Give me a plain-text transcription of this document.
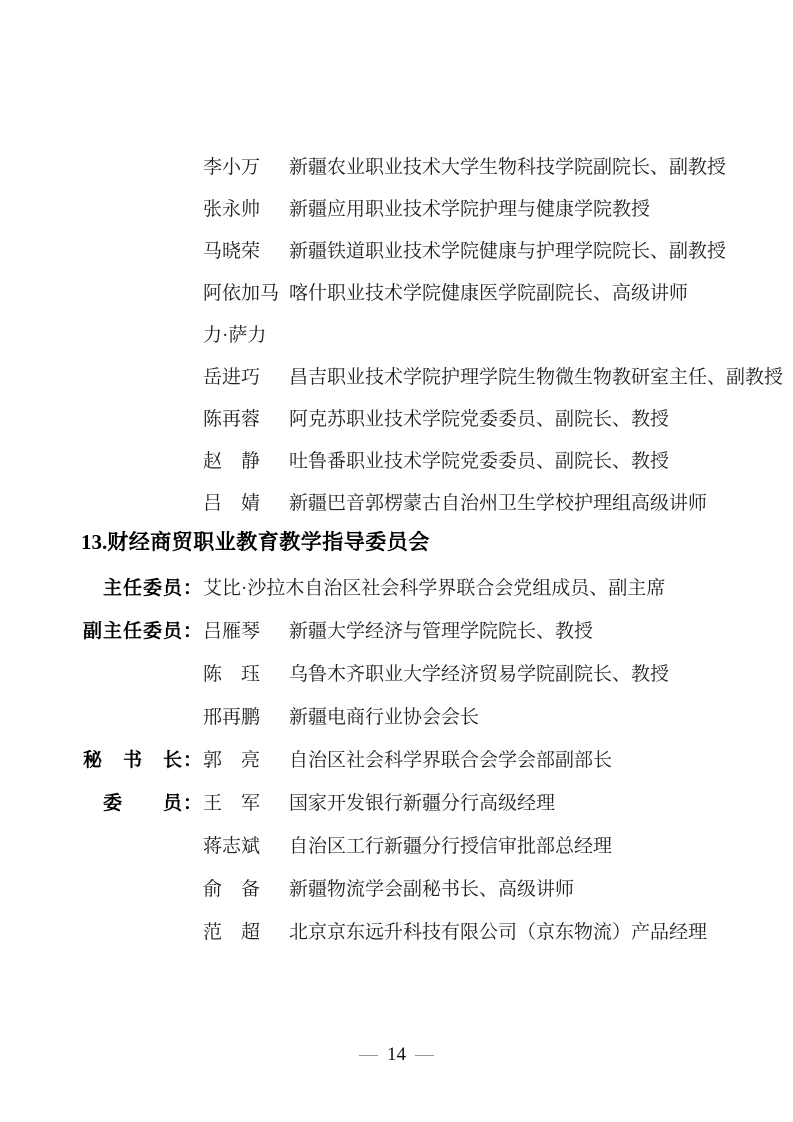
李小万	新疆农业职业技术大学生物科技学院副院长、副教授
张永帅	新疆应用职业技术学院护理与健康学院教授
马晓荣	新疆铁道职业技术学院健康与护理学院院长、副教授
阿依加马 喀什职业技术学院健康医学院副院长、高级讲师
力·萨力
岳进巧	昌吉职业技术学院护理学院生物微生物教研室主任、副教授
陈再蓉	阿克苏职业技术学院党委委员、副院长、教授
赵　静	吐鲁番职业技术学院党委委员、副院长、教授
吕　婧	新疆巴音郭楞蒙古自治州卫生学校护理组高级讲师
13.财经商贸职业教育教学指导委员会
主任委员： 艾比·沙拉木 自治区社会科学界联合会党组成员、副主席
副主任委员： 吕雁琴	新疆大学经济与管理学院院长、教授
陈　珏	乌鲁木齐职业大学经济贸易学院副院长、教授
邢再鹏	新疆电商行业协会会长
秘　书　长： 郭　亮	自治区社会科学界联合会学会部副部长
委　　员： 王　军	国家开发银行新疆分行高级经理
蒋志斌	自治区工行新疆分行授信审批部总经理
俞　备	新疆物流学会副秘书长、高级讲师
范　超	北京京东远升科技有限公司（京东物流）产品经理
— 14 —
